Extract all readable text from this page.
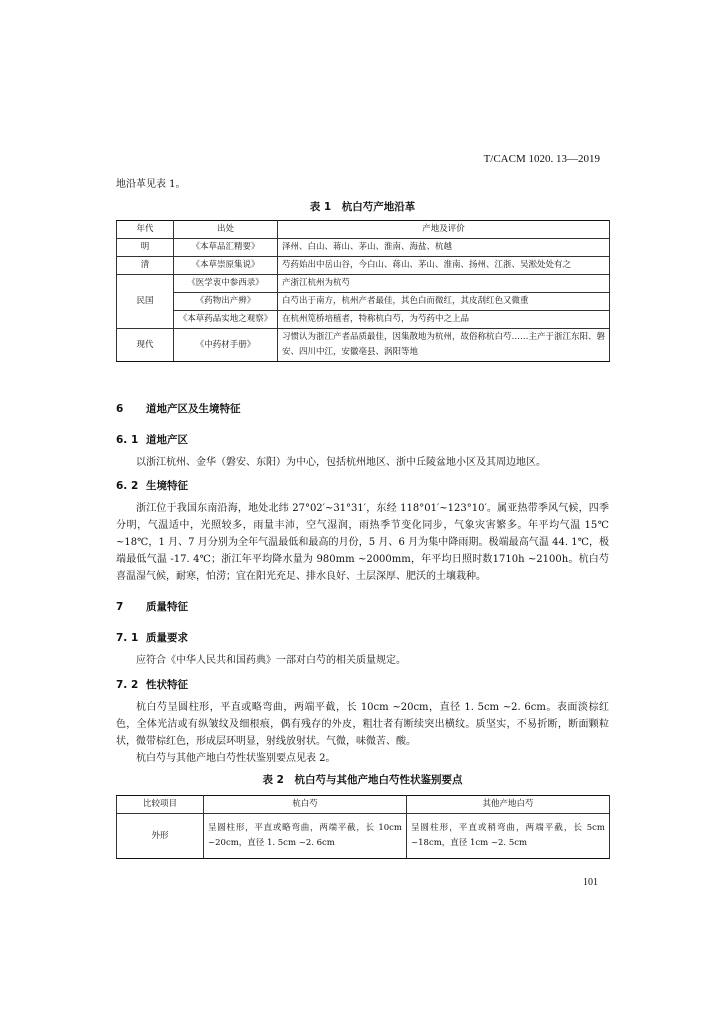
T/CACM 1020. 13—2019
地沿革见表 1。
表 1　杭白芍产地沿革
年代	出处	产地及评价
明	《本草品汇精要》	泽州、白山、蒋山、茅山、淮南、海盐、杭越
清	《本草崇原集说》	芍药始出中岳山谷，今白山、蒋山、茅山、淮南、扬州、江浙、吴淞处处有之
民国	《医学衷中参西录》	产浙江杭州为杭芍
	《药物出产辨》	白芍出于南方，杭州产者最佳，其色白而微红，其皮刮红色又微重
	《本草药品实地之观察》	在杭州笕桥培植者，特称杭白芍，为芍药中之上品
现代	《中药材手册》	习惯认为浙江产者品质最佳，因集散地为杭州，故俗称杭白芍……主产于浙江东阳、磐安、四川中江，安徽亳县、涡阳等地
6 道地产区及生境特征
6. 1 道地产区
以浙江杭州、金华（磐安、东阳）为中心，包括杭州地区、浙中丘陵盆地小区及其周边地区。
6. 2 生境特征
浙江位于我国东南沿海，地处北纬 27°02′~31°31′，东经 118°01′~123°10′。属亚热带季风气候，四季分明，气温适中，光照较多，雨量丰沛，空气湿润，雨热季节变化同步，气象灾害繁多。年平均气温 15℃ ~18℃，1 月、7 月分别为全年气温最低和最高的月份，5 月、6 月为集中降雨期。极端最高气温 44. 1℃，极端最低气温 -17. 4℃；浙江年平均降水量为 980mm ~2000mm，年平均日照时数1710h ~2100h。杭白芍喜温湿气候，耐寒，怕涝；宜在阳光充足、排水良好、土层深厚、肥沃的土壤栽种。
7 质量特征
7. 1 质量要求
应符合《中华人民共和国药典》一部对白芍的相关质量规定。
7. 2 性状特征
杭白芍呈圆柱形，平直或略弯曲，两端平截，长 10cm ~20cm，直径 1. 5cm ~2. 6cm。表面淡棕红色，全体光洁或有纵皱纹及细根痕，偶有残存的外皮，粗壮者有断续突出横纹。质坚实，不易折断，断面颗粒状，微带棕红色，形成层环明显，射线放射状。气微，味微苦、酸。
杭白芍与其他产地白芍性状鉴别要点见表 2。
表 2　杭白芍与其他产地白芍性状鉴别要点
比较项目	杭白芍	其他产地白芍
外形	呈圆柱形，平直或略弯曲，两端平截，长 10cm ~20cm，直径 1. 5cm ~2. 6cm	呈圆柱形，平直或稍弯曲，两端平截，长 5cm ~18cm，直径 1cm ~2. 5cm
101
